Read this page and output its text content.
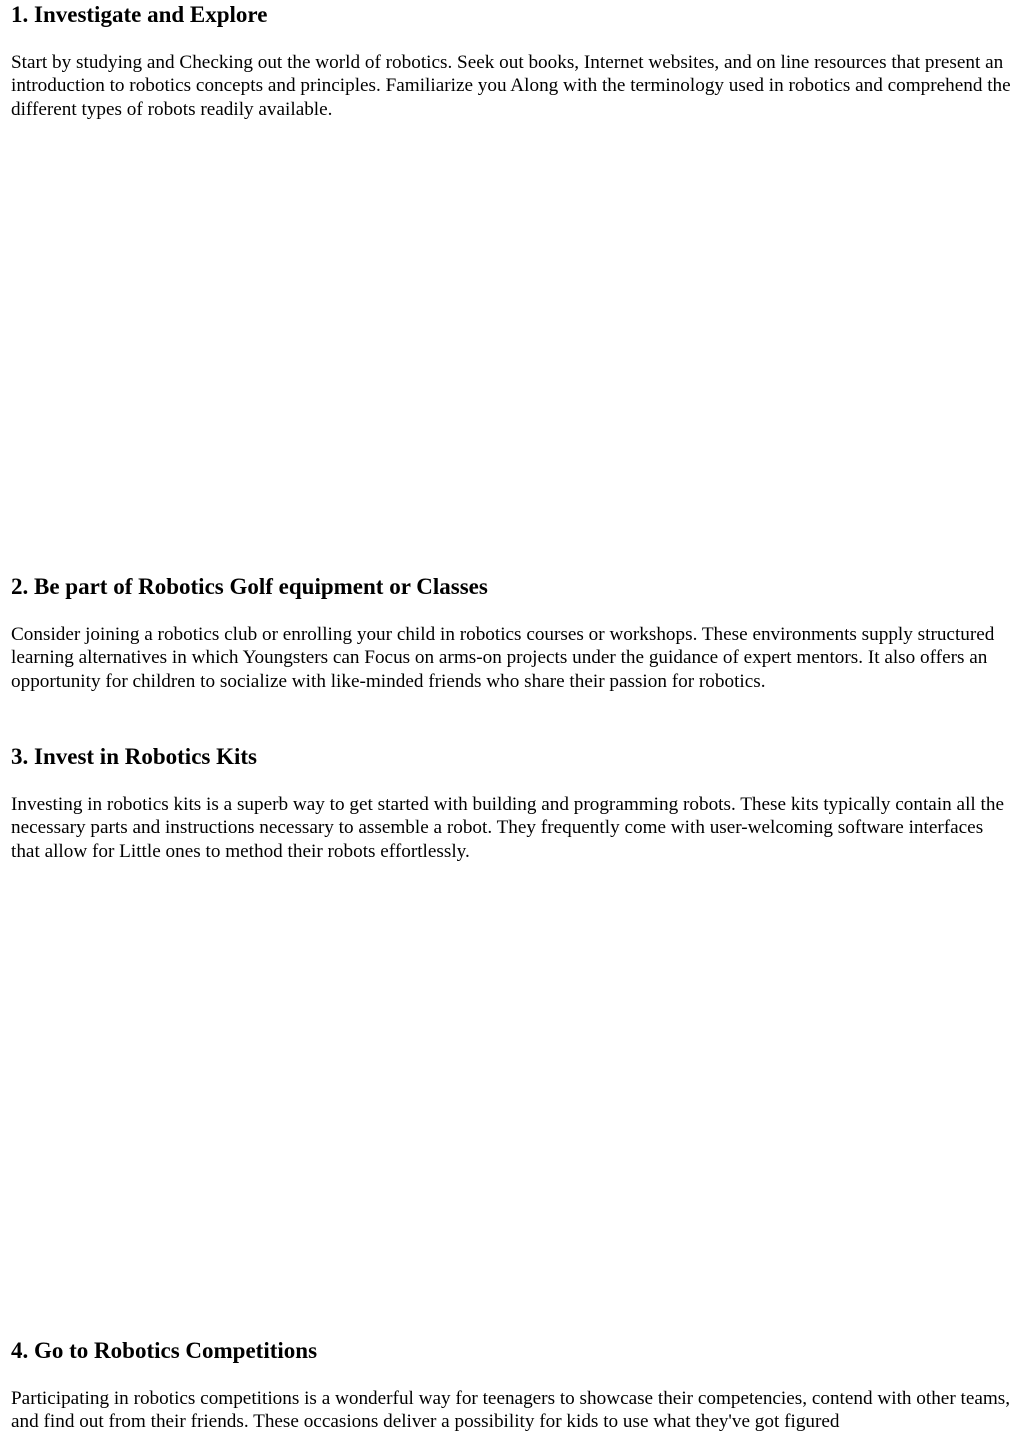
1. Investigate and Explore

Start by studying and Checking out the world of robotics. Seek out books, Internet websites, and on line resources that present an introduction to robotics concepts and principles. Familiarize you Along with the terminology used in robotics and comprehend the different types of robots readily available.

2. Be part of Robotics Golf equipment or Classes

Consider joining a robotics club or enrolling your child in robotics courses or workshops. These environments supply structured learning alternatives in which Youngsters can Focus on arms-on projects under the guidance of expert mentors. It also offers an opportunity for children to socialize with like-minded friends who share their passion for robotics.

3. Invest in Robotics Kits

Investing in robotics kits is a superb way to get started with building and programming robots. These kits typically contain all the necessary parts and instructions necessary to assemble a robot. They frequently come with user-welcoming software interfaces that allow for Little ones to method their robots effortlessly.

4. Go to Robotics Competitions

Participating in robotics competitions is a wonderful way for teenagers to showcase their competencies, contend with other teams, and find out from their friends. These occasions deliver a possibility for kids to use what they've got figured
